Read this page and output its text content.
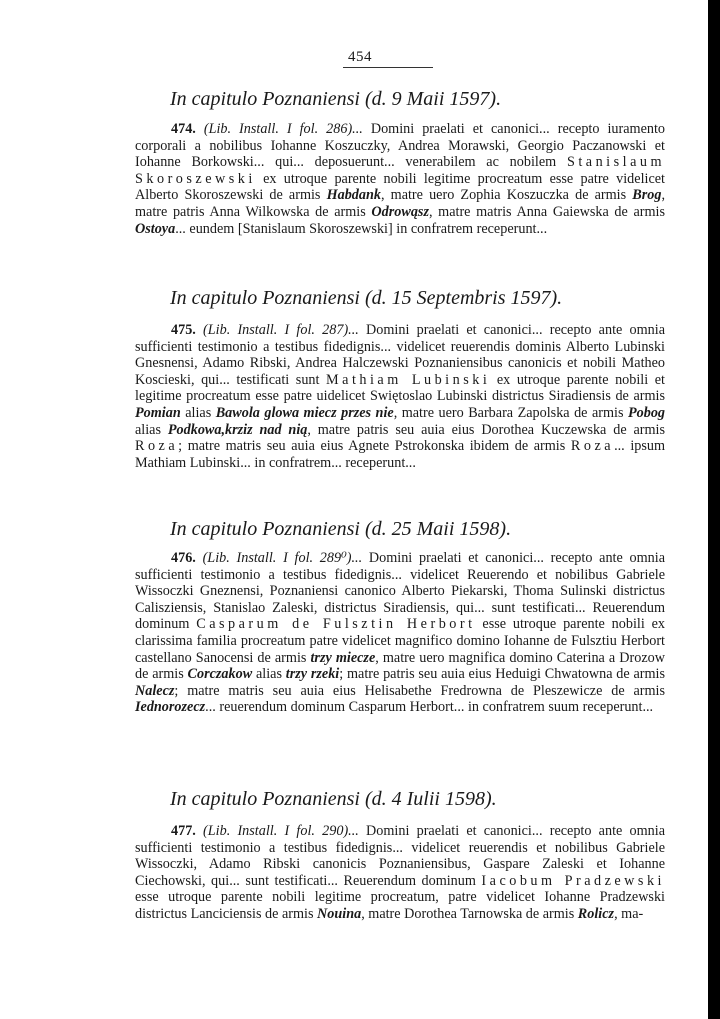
454
In capitulo Poznaniensi (d. 9 Maii 1597).

474. (Lib. Install. I fol. 286)... Domini praelati et canonici... recepto iuramento corporali a nobilibus Iohanne Koszuczky, Andrea Morawski, Georgio Paczanowski et Iohanne Borkowski... qui... deposuerunt... venerabilem ac nobilem Stanislaum Skoroszewski ex utroque parente nobili legitime procreatum esse patre videlicet Alberto Skoroszewski de armis Habdank, matre uero Zophia Koszuczka de armis Brog, matre patris Anna Wilkowska de armis Odrowąsz, matre matris Anna Gaiewska de armis Ostoya... eundem [Stanislaum Skoroszewski] in confratrem receperunt...

In capitulo Poznaniensi (d. 15 Septembris 1597).

475. (Lib. Install. I fol. 287)... Domini praelati et canonici... recepto ante omnia sufficienti testimonio a testibus fidedignis... videlicet reuerendis dominis Alberto Lubinski Gnesnensi, Adamo Ribski, Andrea Halczewski Poznaniensibus canonicis et nobili Matheo Koscieski, qui... testificati sunt Mathiam Lubinski ex utroque parente nobili et legitime procreatum esse patre uidelicet Swiętoslao Lubinski districtus Siradiensis de armis Pomian alias Bawola glowa miecz przes nie, matre uero Barbara Zapolska de armis Pobog alias Podkowa,krziz nad nią, matre patris seu auia eius Dorothea Kuczewska de armis Roza; matre matris seu auia eius Agnete Pstrokonska ibidem de armis Roza... ipsum Mathiam Lubinski... in confratrem... receperunt...

In capitulo Poznaniensi (d. 25 Maii 1598).

476. (Lib. Install. I fol. 289⁰)... Domini praelati et canonici... recepto ante omnia sufficienti testimonio a testibus fidedignis... videlicet Reuerendo et nobilibus Gabriele Wissoczki Gneznensi, Poznaniensi canonico Alberto Piekarski, Thoma Sulinski districtus Calisziensis, Stanislao Zaleski, districtus Siradiensis, qui... sunt testificati... Reuerendum dominum Casparum de Fulsztin Herbort esse utroque parente nobili ex clarissima familia procreatum patre videlicet magnifico domino Iohanne de Fulsztiu Herbort castellano Sanocensi de armis trzy miecze, matre uero magnifica domino Caterina a Drozow de armis Corczakow alias trzy rzeki; matre patris seu auia eius Heduigi Chwatowna de armis Nalecz; matre matris seu auia eius Helisabethe Fredrowna de Pleszewicze de armis Iednorozecz... reuerendum dominum Casparum Herbort... in confratrem suum receperunt...

In capitulo Poznaniensi (d. 4 Iulii 1598).

477. (Lib. Install. I fol. 290)... Domini praelati et canonici... recepto ante omnia sufficienti testimonio a testibus fidedignis... videlicet reuerendis et nobilibus Gabriele Wissoczki, Adamo Ribski canonicis Poznaniensibus, Gaspare Zaleski et Iohanne Ciechowski, qui... sunt testificati... Reuerendum dominum Iacobum Pradzewski esse utroque parente nobili legitime procreatum, patre videlicet Iohanne Pradzewski districtus Lanciciensis de armis Nouina, matre Dorothea Tarnowska de armis Rolicz, ma-
